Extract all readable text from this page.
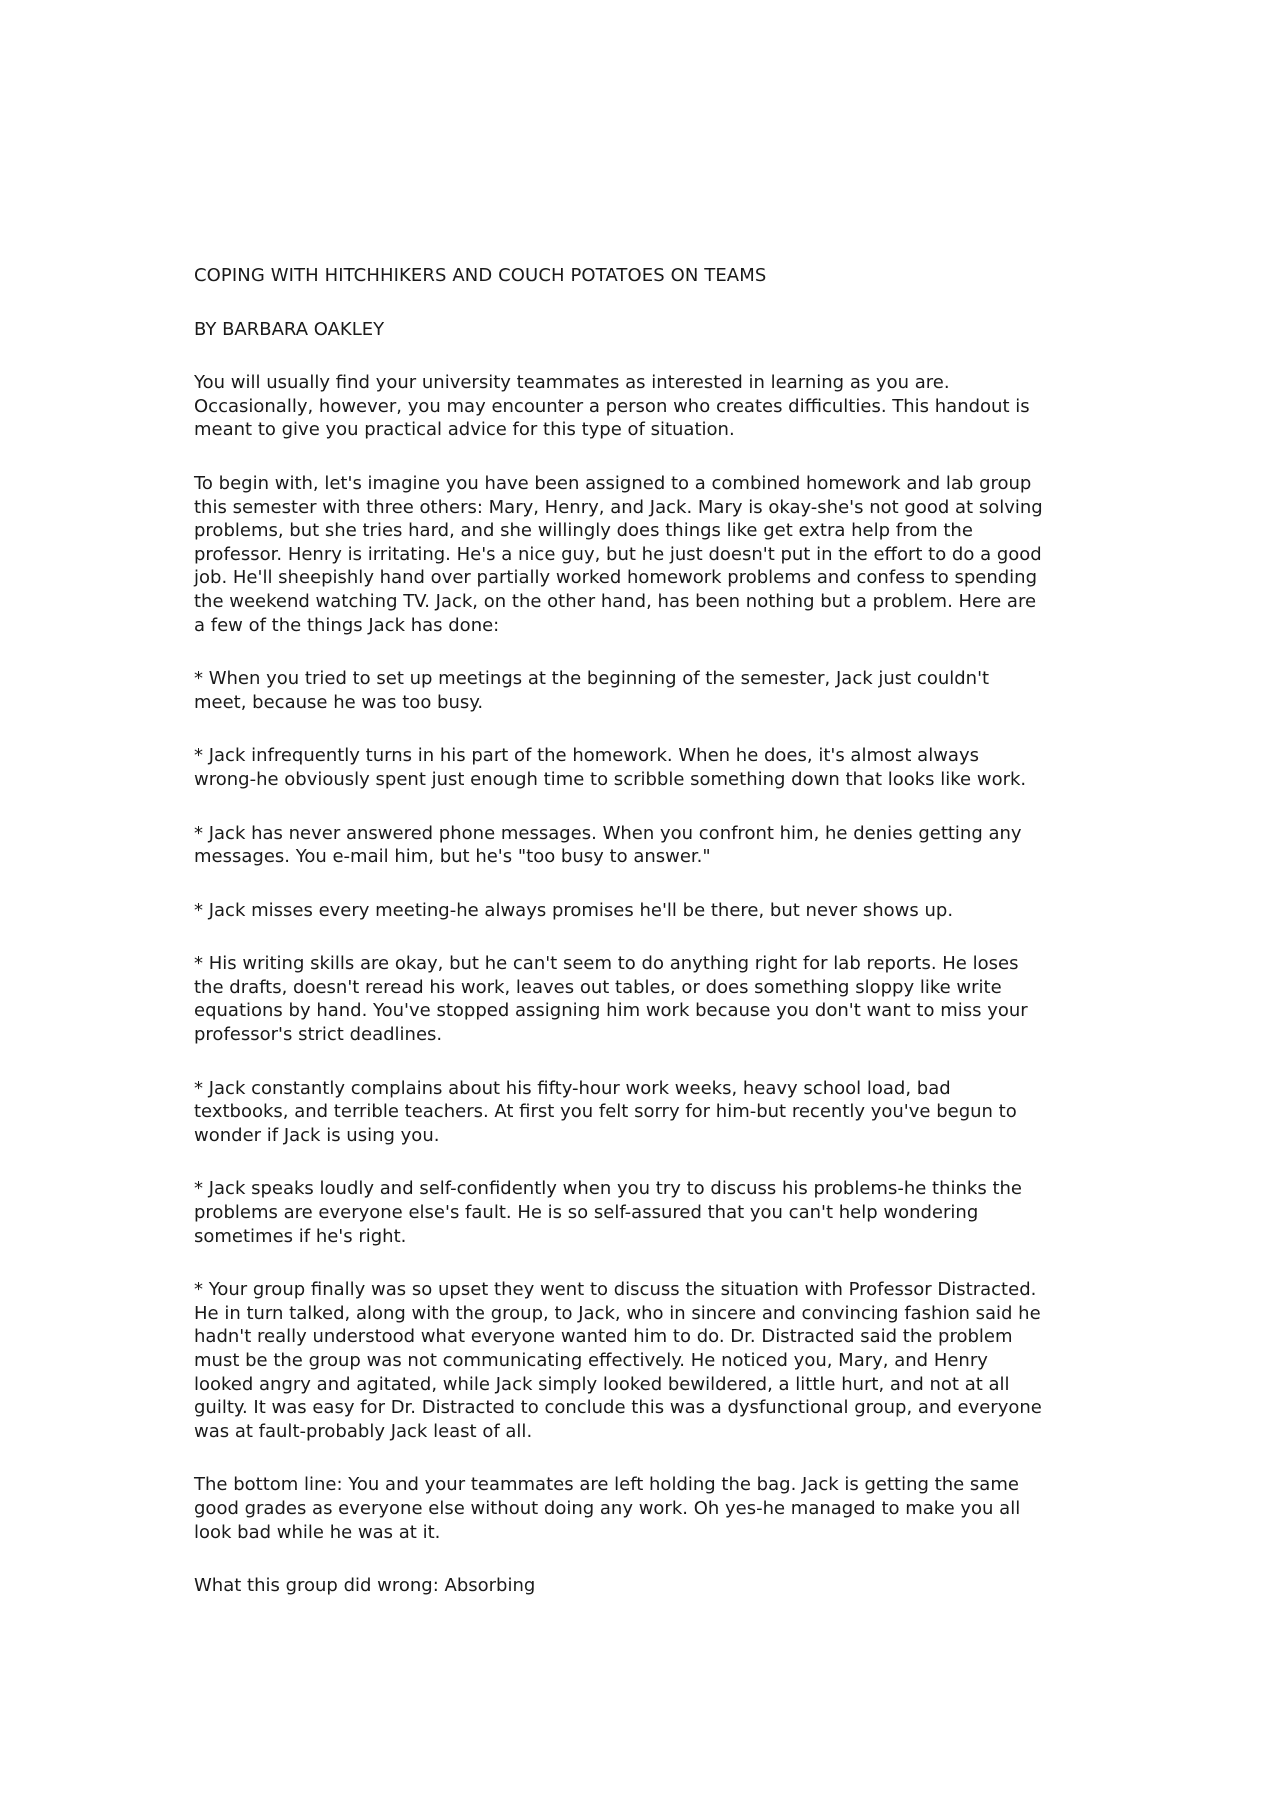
COPING WITH HITCHHIKERS AND COUCH POTATOES ON TEAMS

BY BARBARA OAKLEY

You will usually find your university teammates as interested in learning as you are.
Occasionally, however, you may encounter a person who creates difficulties. This handout is
meant to give you practical advice for this type of situation.

To begin with, let's imagine you have been assigned to a combined homework and lab group
this semester with three others: Mary, Henry, and Jack. Mary is okay-she's not good at solving
problems, but she tries hard, and she willingly does things like get extra help from the
professor. Henry is irritating. He's a nice guy, but he just doesn't put in the effort to do a good
job. He'll sheepishly hand over partially worked homework problems and confess to spending
the weekend watching TV. Jack, on the other hand, has been nothing but a problem. Here are
a few of the things Jack has done:

* When you tried to set up meetings at the beginning of the semester, Jack just couldn't
meet, because he was too busy.

* Jack infrequently turns in his part of the homework. When he does, it's almost always
wrong-he obviously spent just enough time to scribble something down that looks like work.

* Jack has never answered phone messages. When you confront him, he denies getting any
messages. You e-mail him, but he's "too busy to answer."

* Jack misses every meeting-he always promises he'll be there, but never shows up.

* His writing skills are okay, but he can't seem to do anything right for lab reports. He loses
the drafts, doesn't reread his work, leaves out tables, or does something sloppy like write
equations by hand. You've stopped assigning him work because you don't want to miss your
professor's strict deadlines.

* Jack constantly complains about his fifty-hour work weeks, heavy school load, bad
textbooks, and terrible teachers. At first you felt sorry for him-but recently you've begun to
wonder if Jack is using you.

* Jack speaks loudly and self-confidently when you try to discuss his problems-he thinks the
problems are everyone else's fault. He is so self-assured that you can't help wondering
sometimes if he's right.

* Your group finally was so upset they went to discuss the situation with Professor Distracted.
He in turn talked, along with the group, to Jack, who in sincere and convincing fashion said he
hadn't really understood what everyone wanted him to do. Dr. Distracted said the problem
must be the group was not communicating effectively. He noticed you, Mary, and Henry
looked angry and agitated, while Jack simply looked bewildered, a little hurt, and not at all
guilty. It was easy for Dr. Distracted to conclude this was a dysfunctional group, and everyone
was at fault-probably Jack least of all.

The bottom line: You and your teammates are left holding the bag. Jack is getting the same
good grades as everyone else without doing any work. Oh yes-he managed to make you all
look bad while he was at it.

What this group did wrong: Absorbing
